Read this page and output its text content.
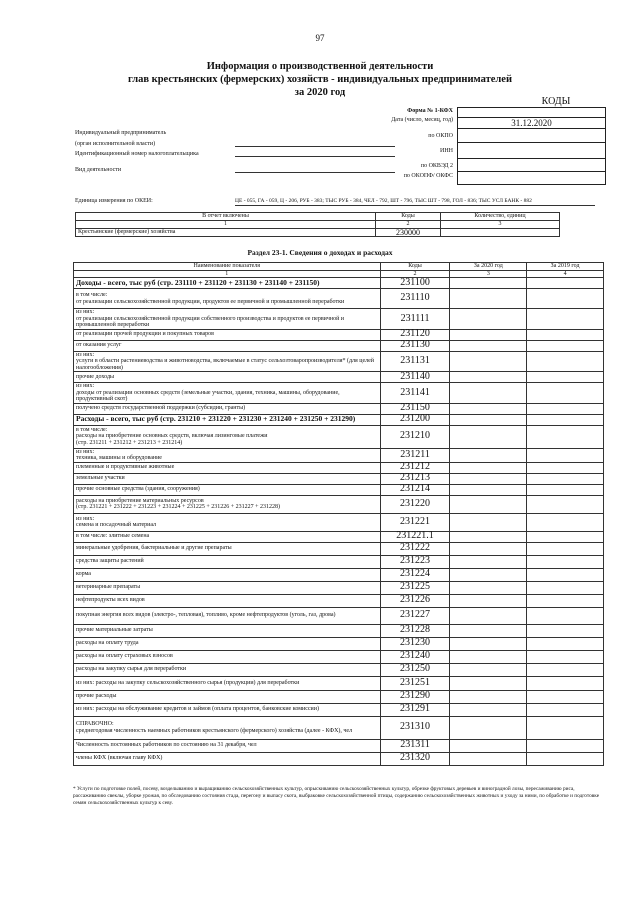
97
Информация о производственной деятельности
глав крестьянских (фермерских) хозяйств - индивидуальных предпринимателей
за 2020 год
КОДЫ
Форма № 1-КФХ
Дата (число, месяц, год)	31.12.2020
Индивидуальный предприниматель	по ОКПО
(орган исполнительной власти)
ИНН
Идентификационный номер налогоплательщика
по ОКВЭД 2
Вид деятельности
по ОКОПФ/ ОКФС
Единица измерения по ОКЕИ:	ЦЕ - 055, ГА - 059, Ц - 206, РУБ - 383; ТЫС РУБ - 384, ЧЕЛ - 792, ШТ - 796, ТЫС ШТ - 798, ГОЛ - 836; ТЫС УСЛ БАНК - 882
В отчет включены	Коды	Количество, единиц
1	2	3
Крестьянские (фермерские) хозяйства	230000	
Раздел 23-1. Сведения о доходах и расходах
Наименование показателя	Коды	За 2020 год	За 2019 год
1	2	3	4
Доходы - всего, тыс руб (стр. 231110 + 231120 + 231130 + 231140 + 231150)	231100		
в том числе:
от реализации сельскохозяйственной продукции, продуктов ее первичной и промышленной переработки	231110		
из них:
от реализации сельскохозяйственной продукции собственного производства и продуктов ее первичной и промышленной переработки	231111		
от реализации прочей продукции и покупных товаров	231120		
от оказания услуг	231130		
из них:
услуги в области растениеводства и животноводства, включаемые в статус сельхозтоваропроизводителя* (для целей налогообложения)	231131		
прочие доходы	231140		
из них:
доходы от реализации основных средств (земельные участки, здания, техника, машины, оборудование, продуктивный скот)	231141		
получено средств государственной поддержки (субсидии, гранты)	231150		
Расходы - всего, тыс руб (стр. 231210 + 231220 + 231230 + 231240 + 231250 + 231290)	231200		
в том числе:
расходы на приобретение основных средств, включая лизинговые платежи
(стр. 231211 + 231212 + 231213 + 231214)	231210		
из них:
техника, машины и оборудование	231211		
племенные и продуктивные животные	231212		
земельные участки	231213		
прочие основные средства (здания, сооружения)	231214		
расходы на приобретение материальных ресурсов
(стр. 231221 + 231222 + 231223 + 231224 + 231225 + 231226 + 231227 + 231228)	231220		
из них:
семена и посадочный материал	231221		
в том числе: элитные семена	231221.1		
минеральные удобрения, бактериальные и другие препараты	231222		
средства защиты растений	231223		
корма	231224		
ветеринарные препараты	231225		
нефтепродукты всех видов	231226		
покупная энергия всех видов (электро-, тепловая), топливо, кроме нефтепродуктов (уголь, газ, дрова)	231227		
прочие материальные затраты	231228		
расходы на оплату труда	231230		
расходы на оплату страховых взносов	231240		
расходы на закупку сырья для переработки	231250		
из них: расходы на закупку сельскохозяйственного сырья (продукции) для переработки	231251		
прочие расходы	231290		
из них: расходы на обслуживание кредитов и займов (оплата процентов, банковские комиссии)	231291		
СПРАВОЧНО:
среднегодовая численность наемных работников крестьянского (фермерского) хозяйства (далее - КФХ), чел	231310		
Численность постоянных работников по состоянию на 31 декабря, чел	231311		
члены КФХ (включая главу КФХ)	231320		
* Услуги по подготовке полей, посеву, возделыванию и выращиванию сельскохозяйственных культур, опрыскиванию сельскохозяйственных культур, обрезке фруктовых деревьев и виноградной лозы, пересаживанию риса, рассаживанию свеклы, уборке урожая, по обследованию состояния стада, перегону и выпасу скота, выбраковке сельскохозяйственной птицы, содержанию сельскохозяйственных животных и уходу за ними, по обработке и подготовке семян сельскохозяйственных культур к севу.
